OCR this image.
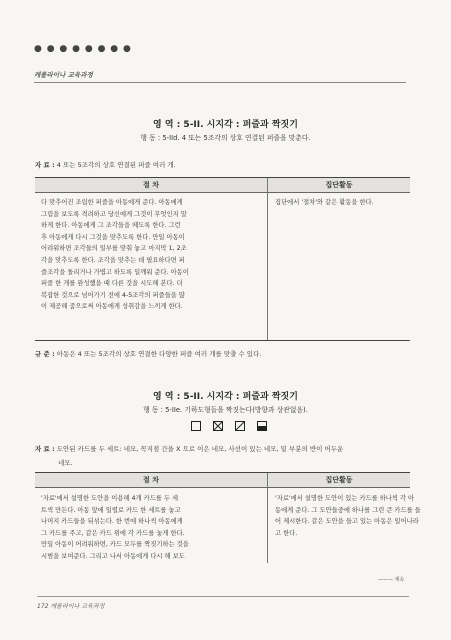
● ● ● ● ● ● ● ●
캐롤라이나 교육과정
영 역 : 5-II. 시지각 : 퍼즐과 짝짓기
행 동 : 5-IId. 4 또는 5조각의 상호 연결된 퍼즐을 맞춘다.
자 료 : 4 또는 5조각의 상호 연결된 퍼즐 여러 개.
절 차	집단활동
다 맞추어진 조립한 퍼즐을 아동에게 준다. 아동에게
그림을 보도록 격려하고 당신에게 그것이 무엇인지 말
하게 한다. 아동에게 그 조각들을 떼도록 한다. 그런
후 아동에게 다시 그것을 맞추도록 한다. 만일 아동이
어려워하면 조각들의 일부를 맞춰 놓고 마지막 1, 2조
각을 맞추도록 한다. 조각을 맞추는 데 필요하다면 퍼
즐조각을 돌리거나 가볍고 하도록 일깨워 준다. 아동이
퍼즐 한 개를 완성했을 때 다른 것을 시도해 본다. 더
복잡한 것으로 넘어가기 전에 4-5조각의 퍼즐들을 많
이 제공해 줌으로써 아동에게 성취감을 느끼게 한다.
집단에서 '절차'와 같은 활동을 한다.
규 준 : 아동은 4 또는 5조각의 상호 연결한 다양한 퍼즐 여러 개를 맞출 수 있다.
영 역 : 5-II. 시지각 : 퍼즐과 짝짓기
행 동 : 5-IIe. 기하도형들을 짝짓는다(방향과 상관없음).
자 료 : 도안된 카드를 두 세트: 네모, 꼭지점 간을 X 으로 이은 네모, 사선이 있는 네모, 밑 부분의 반이 어두운
네모.
절 차	집단활동
'자료'에서 설명한 도안을 이용해 4개 카드를 두 세
트씩 만든다. 아동 앞에 일렬로 카드 한 세트를 놓고
나머지 카드들을 뒤섞는다. 한 번에 하나씩 아동에게
그 카드를 주고, 같은 카드 위에 각 카드를 놓게 한다.
만일 아동이 어려워하면, 카드 모두를 짝짓기하는 것을
시범을 보여준다. 그리고 나서 아동에게 다시 해 보도
'자료'에서 설명한 도안이 있는 카드를 하나씩 각 아
동에게 준다. 그 도안들중에 하나를 그린 큰 카드를 들
어 제시한다. 같은 도안을 들고 있는 아동은 일어나라
고 한다.
——— 계속
172 캐롤라이나 교육과정
